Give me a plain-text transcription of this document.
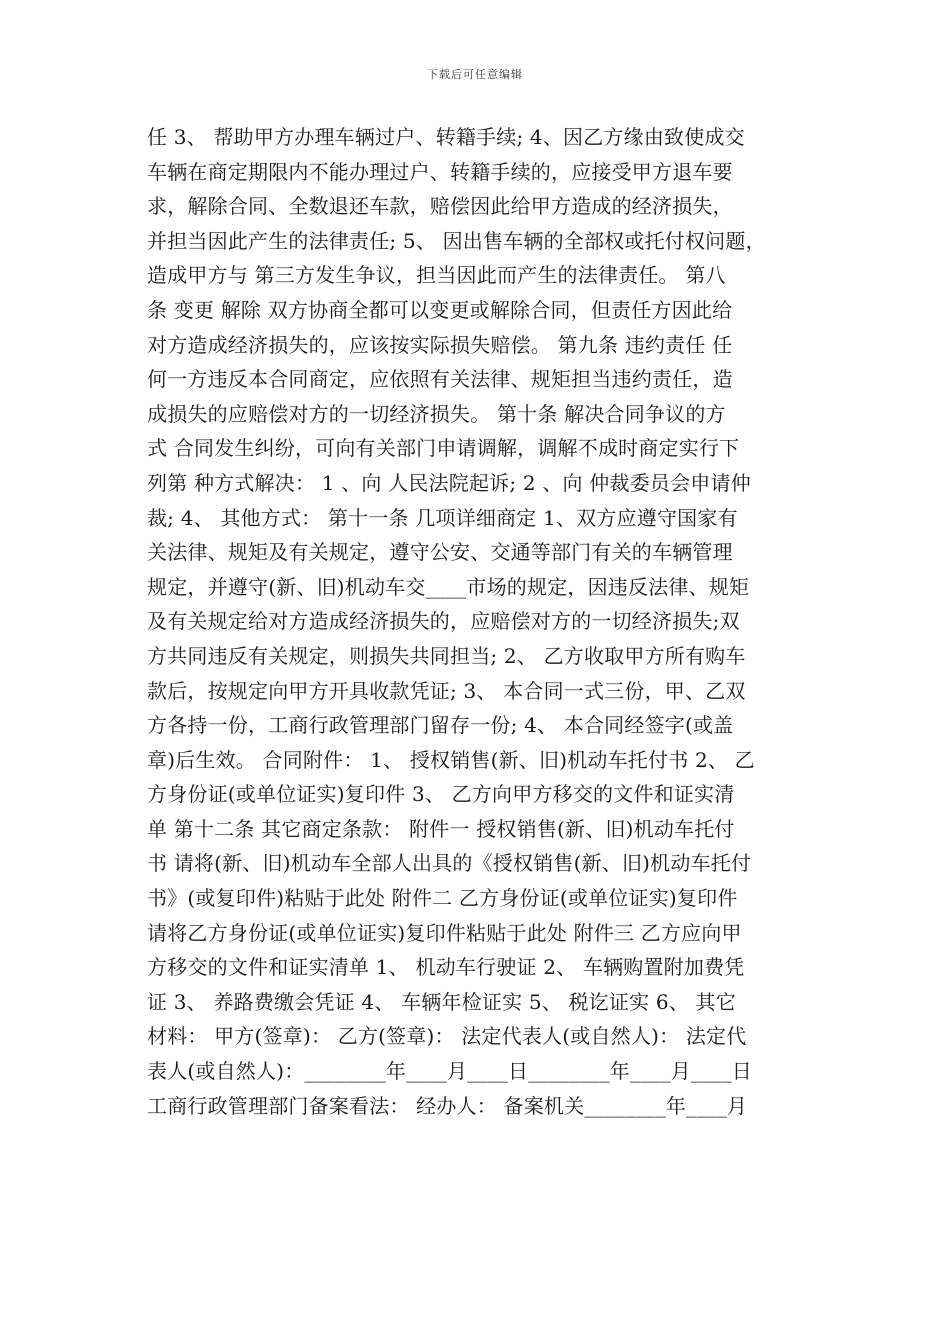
下载后可任意编辑
任 3、 帮助甲方办理车辆过户、转籍手续; 4、因乙方缘由致使成交
车辆在商定期限内不能办理过户、转籍手续的，应接受甲方退车要
求，解除合同、全数退还车款，赔偿因此给甲方造成的经济损失，
并担当因此产生的法律责任; 5、 因出售车辆的全部权或托付权问题，
造成甲方与 第三方发生争议，担当因此而产生的法律责任。 第八
条 变更 解除 双方协商全都可以变更或解除合同，但责任方因此给
对方造成经济损失的，应该按实际损失赔偿。 第九条 违约责任 任
何一方违反本合同商定，应依照有关法律、规矩担当违约责任，造
成损失的应赔偿对方的一切经济损失。 第十条 解决合同争议的方
式 合同发生纠纷，可向有关部门申请调解，调解不成时商定实行下
列第 种方式解决： 1 、向 人民法院起诉; 2 、向 仲裁委员会申请仲
裁; 4、 其他方式： 第十一条 几项详细商定 1、双方应遵守国家有
关法律、规矩及有关规定，遵守公安、交通等部门有关的车辆管理
规定，并遵守(新、旧)机动车交____市场的规定，因违反法律、规矩
及有关规定给对方造成经济损失的，应赔偿对方的一切经济损失;双
方共同违反有关规定，则损失共同担当; 2、 乙方收取甲方所有购车
款后，按规定向甲方开具收款凭证; 3、 本合同一式三份，甲、乙双
方各持一份，工商行政管理部门留存一份; 4、 本合同经签字(或盖
章)后生效。 合同附件： 1、 授权销售(新、旧)机动车托付书 2、 乙
方身份证(或单位证实)复印件 3、 乙方向甲方移交的文件和证实清
单 第十二条 其它商定条款： 附件一 授权销售(新、旧)机动车托付
书 请将(新、旧)机动车全部人出具的《授权销售(新、旧)机动车托付
书》(或复印件)粘贴于此处 附件二 乙方身份证(或单位证实)复印件
请将乙方身份证(或单位证实)复印件粘贴于此处 附件三 乙方应向甲
方移交的文件和证实清单 1、 机动车行驶证 2、 车辆购置附加费凭
证 3、 养路费缴会凭证 4、 车辆年检证实 5、 税讫证实 6、 其它
材料： 甲方(签章)： 乙方(签章)： 法定代表人(或自然人)： 法定代
表人(或自然人)：________年____月____日________年____月____日
工商行政管理部门备案看法： 经办人： 备案机关________年____月
